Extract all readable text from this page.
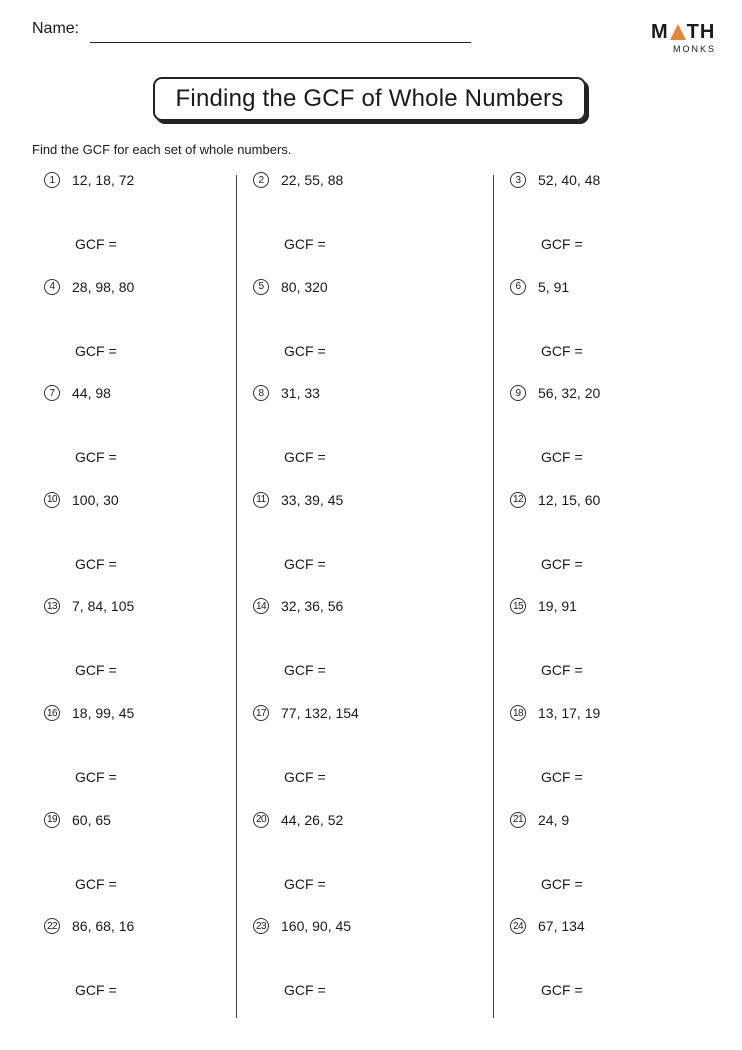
Name:	M TH
MONKS
Finding the GCF of Whole Numbers
Find the GCF for each set of whole numbers.
1	12, 18, 72
GCF =
2	22, 55, 88
GCF =
3	52, 40, 48
GCF =
4	28, 98, 80
GCF =
5	80, 320
GCF =
6	5, 91
GCF =
7	44, 98
GCF =
8	31, 33
GCF =
9	56, 32, 20
GCF =
10 100, 30
GCF =
11 33, 39, 45
GCF =
12 12, 15, 60
GCF =
13 7, 84, 105
GCF =
14 32, 36, 56
GCF =
15 19, 91
GCF =
16 18, 99, 45
GCF =
17 77, 132, 154
GCF =
18 13, 17, 19
GCF =
19 60, 65
GCF =
20 44, 26, 52
GCF =
21 24, 9
GCF =
22 86, 68, 16
GCF =
23 160, 90, 45
GCF =
24 67, 134
GCF =
